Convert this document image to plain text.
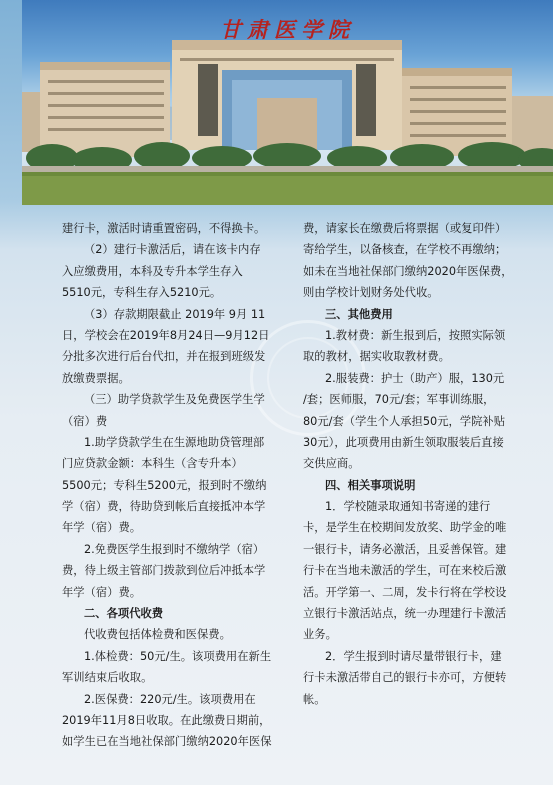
甘肃医学院
建行卡，激活时请重置密码，不得换卡。
（2）建行卡激活后，请在该卡内存
入应缴费用，本科及专升本学生存入
5510元，专科生存入5210元。
（3）存款期限截止 2019年 9月 11
日，学校会在2019年8月24日—9月12日
分批多次进行后台代扣，并在报到班级发
放缴费票据。
（三）助学贷款学生及免费医学生学
（宿）费
1.助学贷款学生在生源地助贷管理部
门应贷款金额：本科生（含专升本）
5500元；专科生5200元，报到时不缴纳
学（宿）费，待助贷到帐后直接抵冲本学
年学（宿）费。
2.免费医学生报到时不缴纳学（宿）
费，待上级主管部门拨款到位后冲抵本学
年学（宿）费。
二、各项代收费
代收费包括体检费和医保费。
1.体检费：50元/生。该项费用在新生
军训结束后收取。
2.医保费：220元/生。该项费用在
2019年11月8日收取。在此缴费日期前，
如学生已在当地社保部门缴纳2020年医保
费，请家长在缴费后将票据（或复印件）
寄给学生，以备核查，在学校不再缴纳；
如未在当地社保部门缴纳2020年医保费，
则由学校计划财务处代收。
三、其他费用
1.教材费：新生报到后，按照实际领
取的教材，据实收取教材费。
2.服装费：护士（助产）服，130元
/套；医师服，70元/套；军事训练服，
80元/套（学生个人承担50元，学院补贴
30元），此项费用由新生领取服装后直接
交供应商。
四、相关事项说明
1．学校随录取通知书寄递的建行
卡，是学生在校期间发放奖、助学金的唯
一银行卡，请务必激活，且妥善保管。建
行卡在当地未激活的学生，可在来校后激
活。开学第一、二周，发卡行将在学校设
立银行卡激活站点，统一办理建行卡激活
业务。
2．学生报到时请尽量带银行卡，建
行卡未激活带自己的银行卡亦可，方便转
帐。
